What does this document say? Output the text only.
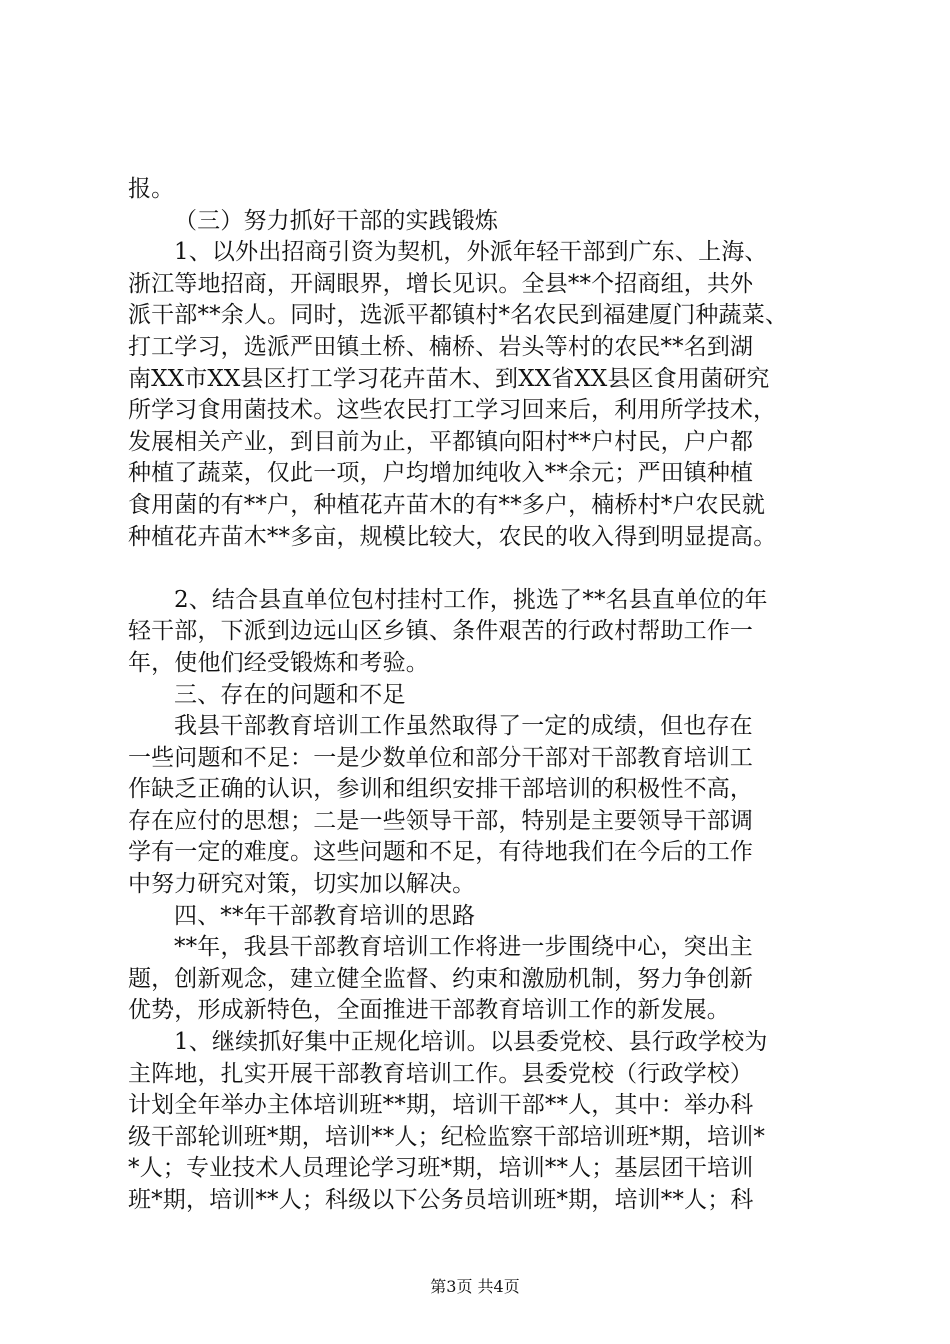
报。
（三）努力抓好干部的实践锻炼
1、以外出招商引资为契机，外派年轻干部到广东、上海、
浙江等地招商，开阔眼界，增长见识。全县**个招商组，共外
派干部**余人。同时，选派平都镇村*名农民到福建厦门种蔬菜、
打工学习，选派严田镇土桥、楠桥、岩头等村的农民**名到湖
南XX市XX县区打工学习花卉苗木、到XX省XX县区食用菌研究
所学习食用菌技术。这些农民打工学习回来后，利用所学技术，
发展相关产业，到目前为止，平都镇向阳村**户村民，户户都
种植了蔬菜，仅此一项，户均增加纯收入**余元；严田镇种植
食用菌的有**户，种植花卉苗木的有**多户，楠桥村*户农民就
种植花卉苗木**多亩，规模比较大，农民的收入得到明显提高。
2、结合县直单位包村挂村工作，挑选了**名县直单位的年
轻干部，下派到边远山区乡镇、条件艰苦的行政村帮助工作一
年，使他们经受锻炼和考验。
三、存在的问题和不足
我县干部教育培训工作虽然取得了一定的成绩，但也存在
一些问题和不足：一是少数单位和部分干部对干部教育培训工
作缺乏正确的认识，参训和组织安排干部培训的积极性不高，
存在应付的思想；二是一些领导干部，特别是主要领导干部调
学有一定的难度。这些问题和不足，有待地我们在今后的工作
中努力研究对策，切实加以解决。
四、**年干部教育培训的思路
**年，我县干部教育培训工作将进一步围绕中心，突出主
题，创新观念，建立健全监督、约束和激励机制，努力争创新
优势，形成新特色，全面推进干部教育培训工作的新发展。
1、继续抓好集中正规化培训。以县委党校、县行政学校为
主阵地，扎实开展干部教育培训工作。县委党校（行政学校）
计划全年举办主体培训班**期，培训干部**人，其中：举办科
级干部轮训班*期，培训**人；纪检监察干部培训班*期，培训*
*人；专业技术人员理论学习班*期，培训**人；基层团干培训
班*期，培训**人；科级以下公务员培训班*期，培训**人；科
第3页 共4页
